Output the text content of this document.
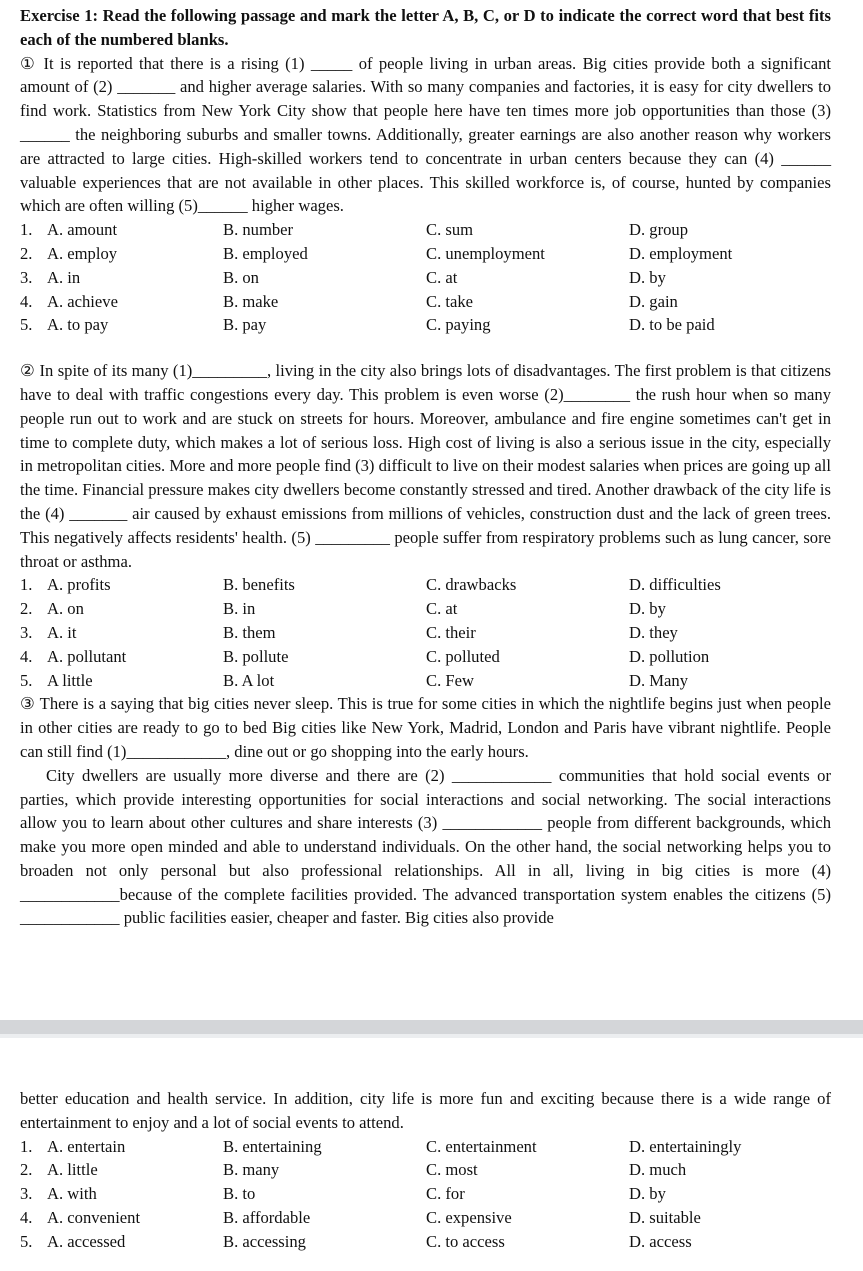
Exercise 1: Read the following passage and mark the letter A, B, C, or D to indicate the correct word that best fits each of the numbered blanks.

① It is reported that there is a rising (1) _____ of people living in urban areas. Big cities provide both a significant amount of (2) _______ and higher average salaries. With so many companies and factories, it is easy for city dwellers to find work. Statistics from New York City show that people here have ten times more job opportunities than those (3) ______ the neighboring suburbs and smaller towns. Additionally, greater earnings are also another reason why workers are attracted to large cities. High-skilled workers tend to concentrate in urban centers because they can (4) ______ valuable experiences that are not available in other places. This skilled workforce is, of course, hunted by companies which are often willing (5)______ higher wages.

1. A. amount	B. number	C. sum	D. group
2. A. employ	B. employed	C. unemployment	D. employment
3. A. in	B. on	C. at	D. by
4. A. achieve	B. make	C. take	D. gain
5. A. to pay	B. pay	C. paying	D. to be paid

② In spite of its many (1)_________, living in the city also brings lots of disadvantages. The first problem is that citizens have to deal with traffic congestions every day. This problem is even worse (2)________ the rush hour when so many people run out to work and are stuck on streets for hours. Moreover, ambulance and fire engine sometimes can't get in time to complete duty, which makes a lot of serious loss. High cost of living is also a serious issue in the city, especially in metropolitan cities. More and more people find (3) difficult to live on their modest salaries when prices are going up all the time. Financial pressure makes city dwellers become constantly stressed and tired. Another drawback of the city life is the (4) _______ air caused by exhaust emissions from millions of vehicles, construction dust and the lack of green trees. This negatively affects residents' health. (5) _________ people suffer from respiratory problems such as lung cancer, sore throat or asthma.

1. A. profits	B. benefits	C. drawbacks	D. difficulties
2. A. on	B. in	C. at	D. by
3. A. it	B. them	C. their	D. they
4. A. pollutant	B. pollute	C. polluted	D. pollution
5. A little	B. A lot	C. Few	D. Many

③ There is a saying that big cities never sleep. This is true for some cities in which the nightlife begins just when people in other cities are ready to go to bed Big cities like New York, Madrid, London and Paris have vibrant nightlife. People can still find (1)____________, dine out or go shopping into the early hours.

City dwellers are usually more diverse and there are (2) ____________ communities that hold social events or parties, which provide interesting opportunities for social interactions and social networking. The social interactions allow you to learn about other cultures and share interests (3) ____________ people from different backgrounds, which make you more open minded and able to understand individuals. On the other hand, the social networking helps you to broaden not only personal but also professional relationships. All in all, living in big cities is more (4) ____________because of the complete facilities provided. The advanced transportation system enables the citizens (5) ____________ public facilities easier, cheaper and faster. Big cities also provide

better education and health service. In addition, city life is more fun and exciting because there is a wide range of entertainment to enjoy and a lot of social events to attend.

1. A. entertain	B. entertaining	C. entertainment	D. entertainingly
2. A. little	B. many	C. most	D. much
3. A. with	B. to	C. for	D. by
4. A. convenient	B. affordable	C. expensive	D. suitable
5. A. accessed	B. accessing	C. to access	D. access
